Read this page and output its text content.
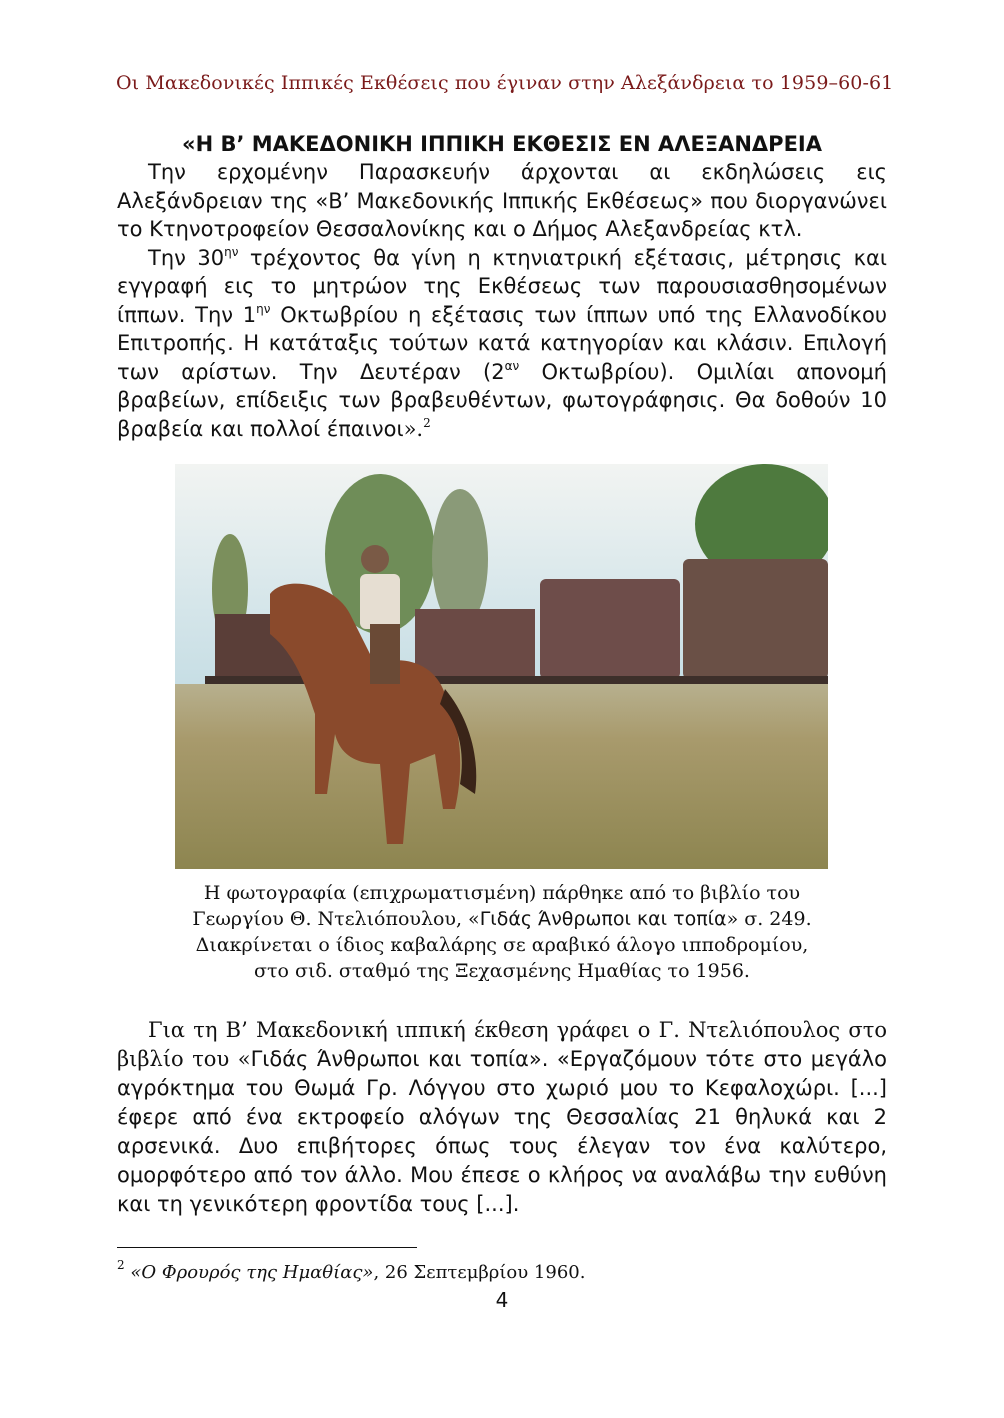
Οι Μακεδονικές Ιππικές Εκθέσεις που έγιναν στην Αλεξάνδρεια το 1959–60-61
«Η Β’ ΜΑΚΕΔΟΝΙΚΗ ΙΠΠΙΚΗ ΕΚΘΕΣΙΣ ΕΝ ΑΛΕΞΑΝΔΡΕΙΑ

Την ερχομένην Παρασκευήν άρχονται αι εκδηλώσεις εις Αλεξάνδρειαν της «Β’ Μακεδονικής Ιππικής Εκθέσεως» που διοργανώνει το Κτηνοτροφείον Θεσσαλονίκης και ο Δήμος Αλεξανδρείας κτλ.

Την $30^{\eta\nu}$ τρέχοντος θα γίνη η κτηνιατρική εξέτασις, μέτρησις και εγγραφή εις το μητρώον της Εκθέσεως των παρουσιασθησομένων ίππων. Την $1^{\eta\nu}$ Οκτωβρίου η εξέτασις των ίππων υπό της Ελλανοδίκου Επιτροπής. Η κατάταξις τούτων κατά κατηγορίαν και κλάσιν. Επιλογή των αρίστων. Την Δευτέραν ($2^{\alpha\nu}$ Οκτωβρίου). Ομιλίαι απονομή βραβείων, επίδειξις των βραβευθέντων, φωτογράφησις. Θα δοθούν 10 βραβεία και πολλοί έπαινοι».$^2$

Η φωτογραφία (επιχρωματισμένη) πάρθηκε από το βιβλίο του
Γεωργίου Θ. Ντελιόπουλου, «Γιδάς Άνθρωποι και τοπία» σ. 249.
Διακρίνεται ο ίδιος καβαλάρης σε αραβικό άλογο ιπποδρομίου,
στο σιδ. σταθμό της Ξεχασμένης Ημαθίας το 1956.

Για τη Β’ Μακεδονική ιππική έκθεση γράφει ο Γ. Ντελιόπουλος στο βιβλίο του «Γιδάς Άνθρωποι και τοπία». «Εργαζόμουν τότε στο μεγάλο αγρόκτημα του Θωμά Γρ. Λόγγου στο χωριό μου το Κεφαλοχώρι. [...] έφερε από ένα εκτροφείο αλόγων της Θεσσαλίας 21 θηλυκά και 2 αρσενικά. Δυο επιβήτορες όπως τους έλεγαν τον ένα καλύτερο, ομορφότερο από τον άλλο. Μου έπεσε ο κλήρος να αναλάβω την ευθύνη και τη γενικότερη φροντίδα τους [...].

$^2$ «Ο Φρουρός της Ημαθίας», 26 Σεπτεμβρίου 1960.
4
